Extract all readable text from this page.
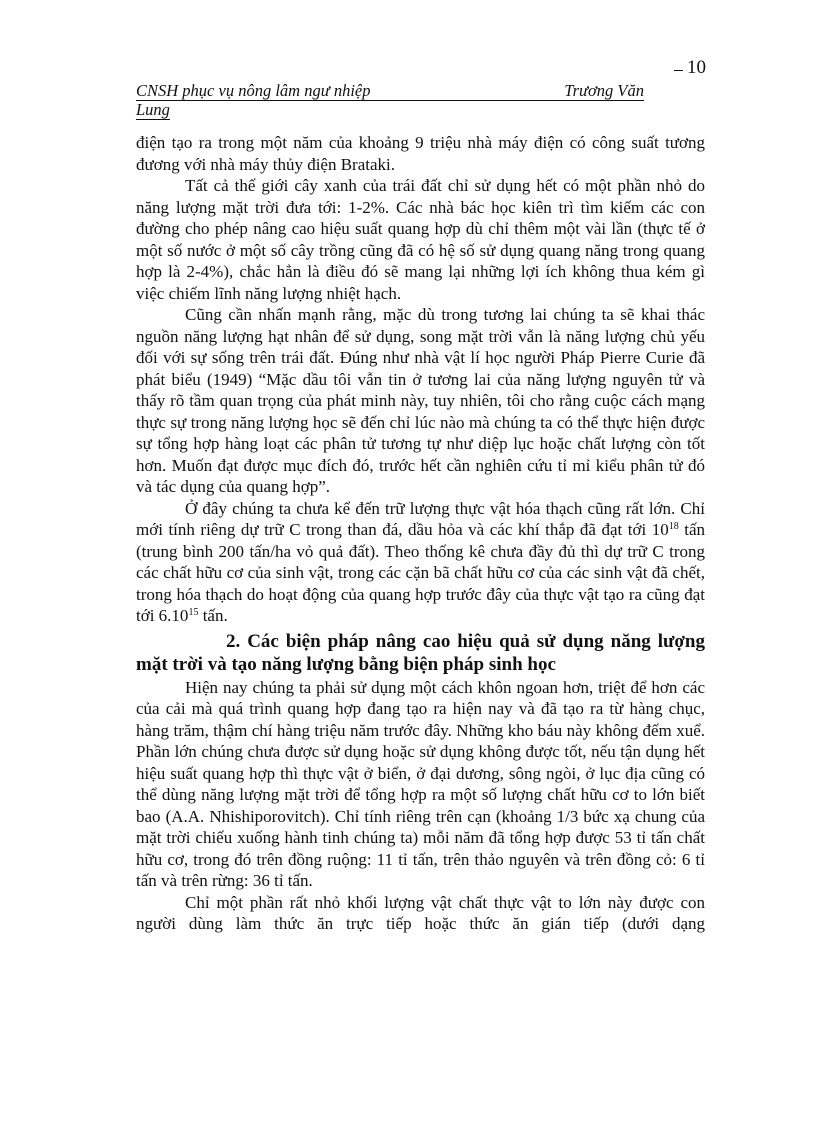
10
CNSH phục vụ nông lâm ngư nhiệp	Trương Văn
Lung

điện tạo ra trong một năm của khoảng 9 triệu nhà máy điện có công suất tương đương với nhà máy thủy điện Brataki.

Tất cả thế giới cây xanh của trái đất chỉ sử dụng hết có một phần nhỏ do năng lượng mặt trời đưa tới: 1-2%. Các nhà bác học kiên trì tìm kiếm các con đường cho phép nâng cao hiệu suất quang hợp dù chỉ thêm một vài lần (thực tế ở một số nước ở một số cây trồng cũng đã có hệ số sử dụng quang năng trong quang hợp là 2-4%), chắc hẳn là điều đó sẽ mang lại những lợi ích không thua kém gì việc chiếm lĩnh năng lượng nhiệt hạch.

Cũng cần nhấn mạnh rằng, mặc dù trong tương lai chúng ta sẽ khai thác nguồn năng lượng hạt nhân để sử dụng, song mặt trời vẫn là năng lượng chủ yếu đối với sự sống trên trái đất. Đúng như nhà vật lí học người Pháp Pierre Curie đã phát biểu (1949) “Mặc dầu tôi vẫn tin ở tương lai của năng lượng nguyên tử và thấy rõ tầm quan trọng của phát minh này, tuy nhiên, tôi cho rằng cuộc cách mạng thực sự trong năng lượng học sẽ đến chỉ lúc nào mà chúng ta có thể thực hiện được sự tổng hợp hàng loạt các phân tử tương tự như diệp lục hoặc chất lượng còn tốt hơn. Muốn đạt được mục đích đó, trước hết cần nghiên cứu tỉ mỉ kiểu phân tử đó và tác dụng của quang hợp”.

Ở đây chúng ta chưa kể đến trữ lượng thực vật hóa thạch cũng rất lớn. Chỉ mới tính riêng dự trữ C trong than đá, dầu hỏa và các khí thắp đã đạt tới $10^{18}$ tấn (trung bình 200 tấn/ha vỏ quả đất). Theo thống kê chưa đầy đủ thì dự trữ C trong các chất hữu cơ của sinh vật, trong các cặn bã chất hữu cơ của các sinh vật đã chết, trong hóa thạch do hoạt động của quang hợp trước đây của thực vật tạo ra cũng đạt tới 6.10$^{15}$ tấn.

2. Các biện pháp nâng cao hiệu quả sử dụng năng lượng mặt trời và tạo năng lượng bằng biện pháp sinh học

Hiện nay chúng ta phải sử dụng một cách khôn ngoan hơn, triệt để hơn các của cải mà quá trình quang hợp đang tạo ra hiện nay và đã tạo ra từ hàng chục, hàng trăm, thậm chí hàng triệu năm trước đây. Những kho báu này không đếm xuể. Phần lớn chúng chưa được sử dụng hoặc sử dụng không được tốt, nếu tận dụng hết hiệu suất quang hợp thì thực vật ở biển, ở đại dương, sông ngòi, ở lục địa cũng có thể dùng năng lượng mặt trời để tổng hợp ra một số lượng chất hữu cơ to lớn biết bao (A.A. Nhishiporovitch). Chỉ tính riêng trên cạn (khoảng 1/3 bức xạ chung của mặt trời chiếu xuống hành tinh chúng ta) mỗi năm đã tổng hợp được 53 tỉ tấn chất hữu cơ, trong đó trên đồng ruộng: 11 tỉ tấn, trên thảo nguyên và trên đồng cỏ: 6 tỉ tấn và trên rừng: 36 tỉ tấn.

Chỉ một phần rất nhỏ khối lượng vật chất thực vật to lớn này được con người dùng làm thức ăn trực tiếp hoặc thức ăn gián tiếp (dưới dạng
